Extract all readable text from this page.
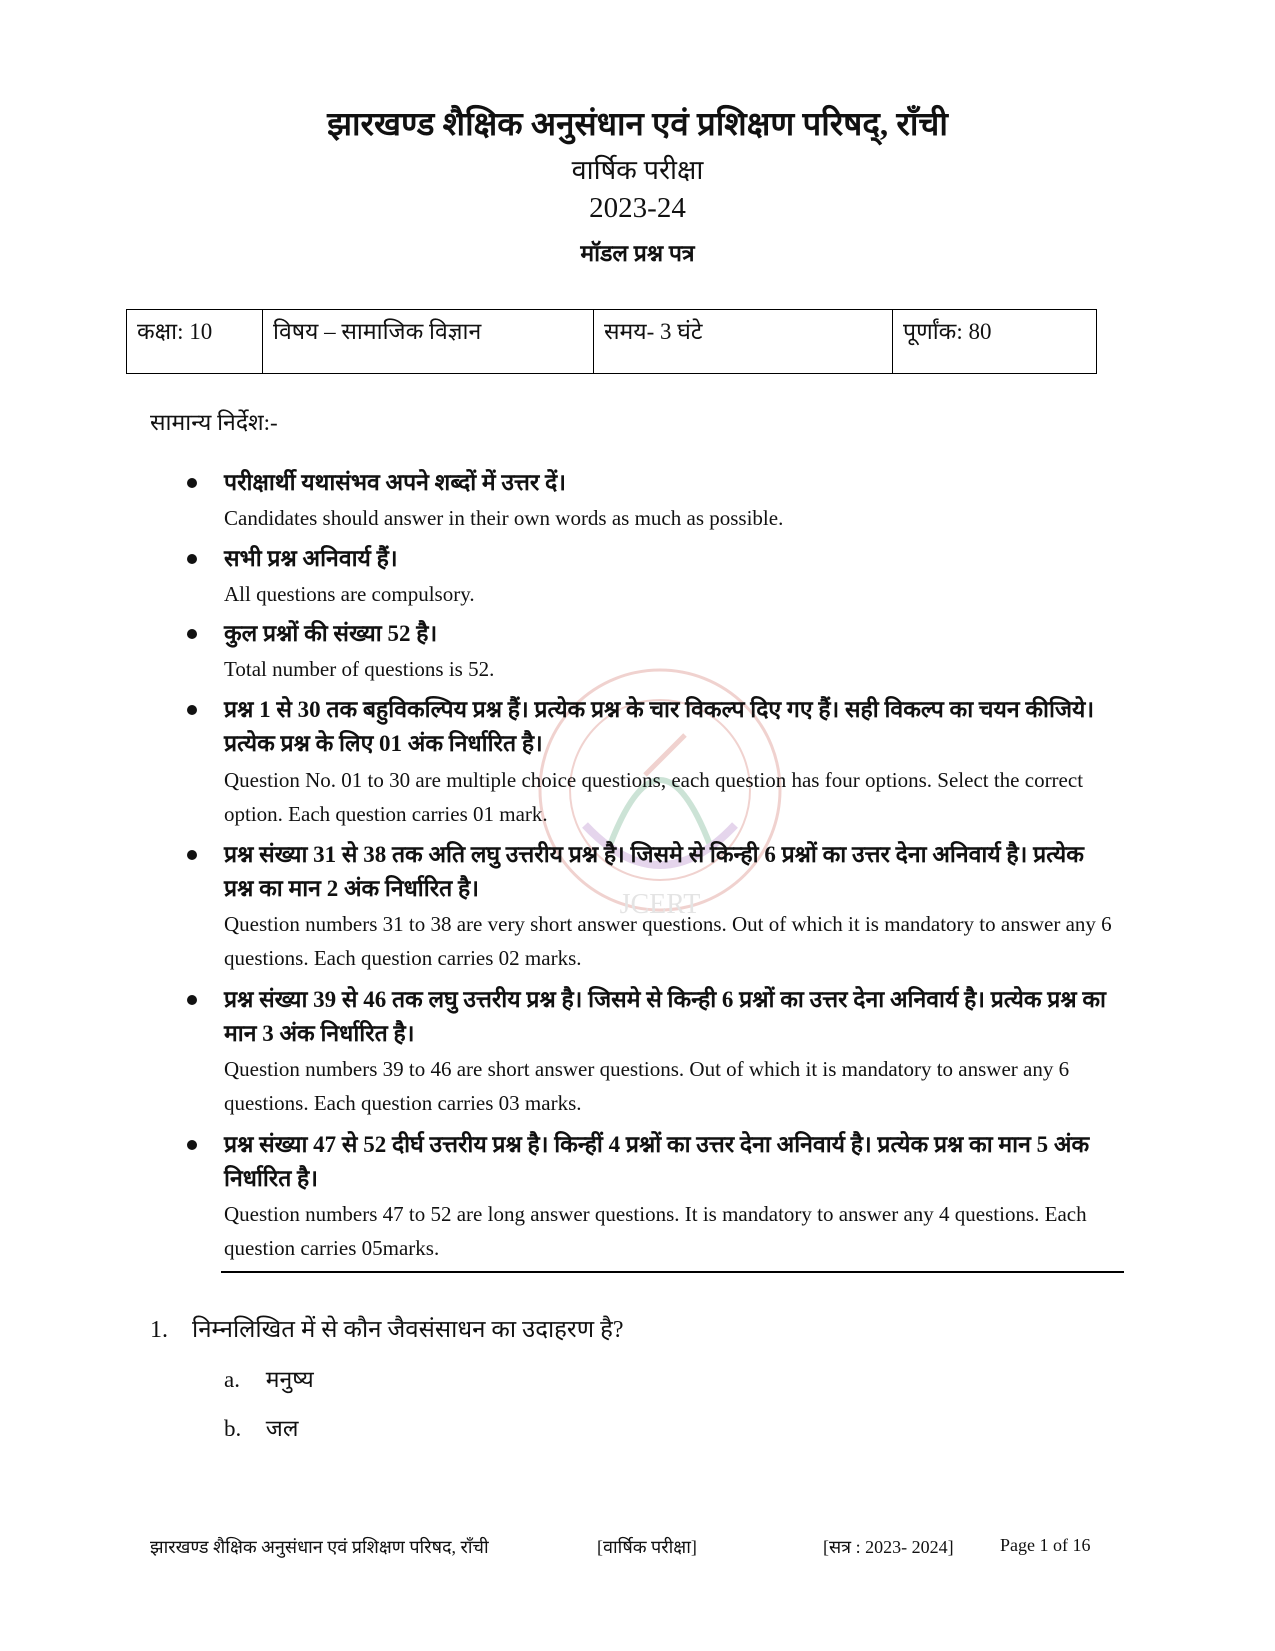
JCERT
झारखण्ड शैक्षिक अनुसंधान एवं प्रशिक्षण परिषद्, राँची
वार्षिक परीक्षा
2023-24
मॉडल प्रश्न पत्र
कक्षा: 10	विषय – सामाजिक विज्ञान	समय- 3 घंटे	पूर्णांक: 80
सामान्य निर्देश:-
परीक्षार्थी यथासंभव अपने शब्दों में उत्तर दें।
Candidates should answer in their own words as much as possible.
सभी प्रश्न अनिवार्य हैं।
All questions are compulsory.
कुल प्रश्नों की संख्या 52 है।
Total number of questions is 52.
प्रश्न 1 से 30 तक बहुविकल्पिय प्रश्न हैं। प्रत्येक प्रश्न के चार विकल्प दिए गए हैं। सही विकल्प का चयन कीजिये। प्रत्येक प्रश्न के लिए 01 अंक निर्धारित है।
Question No. 01 to 30 are multiple choice questions, each question has four options. Select the correct option. Each question carries 01 mark.
प्रश्न संख्या 31 से 38 तक अति लघु उत्तरीय प्रश्न है। जिसमे से किन्ही 6 प्रश्नों का उत्तर देना अनिवार्य है। प्रत्येक प्रश्न का मान 2 अंक निर्धारित है।
Question numbers 31 to 38 are very short answer questions. Out of which it is mandatory to answer any 6 questions. Each question carries 02 marks.
प्रश्न संख्या 39 से 46 तक लघु उत्तरीय प्रश्न है। जिसमे से किन्ही 6 प्रश्नों का उत्तर देना अनिवार्य है। प्रत्येक प्रश्न का मान 3 अंक निर्धारित है।
Question numbers 39 to 46 are short answer questions. Out of which it is mandatory to answer any 6 questions. Each question carries 03 marks.
प्रश्न संख्या 47 से 52 दीर्घ उत्तरीय प्रश्न है। किन्हीं 4 प्रश्नों का उत्तर देना अनिवार्य है। प्रत्येक प्रश्न का मान 5 अंक निर्धारित है।
Question numbers 47 to 52 are long answer questions. It is mandatory to answer any 4 questions. Each question carries 05marks.
1. निम्नलिखित में से कौन जैवसंसाधन का उदाहरण है?
a. मनुष्य
b. जल
झारखण्ड शैक्षिक अनुसंधान एवं प्रशिक्षण परिषद, राँची	[वार्षिक परीक्षा]	[सत्र : 2023- 2024]	Page 1 of 16
